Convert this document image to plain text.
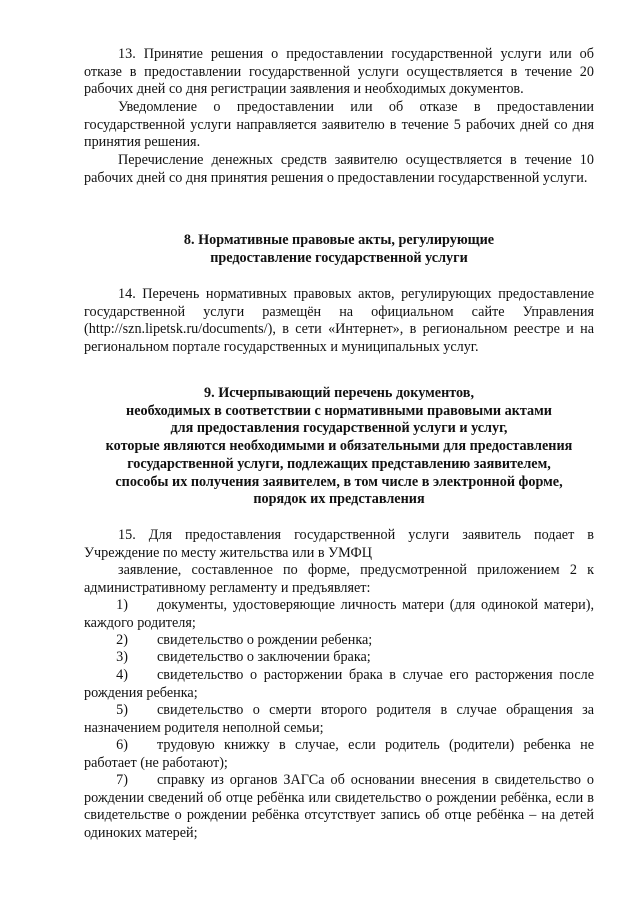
13. Принятие решения о предоставлении государственной услуги или об отказе в предоставлении государственной услуги осуществляется в течение 20 рабочих дней со дня регистрации заявления и необходимых документов.

Уведомление о предоставлении или об отказе в предоставлении государственной услуги направляется заявителю в течение 5 рабочих дней со дня принятия решения.

Перечисление денежных средств заявителю осуществляется в течение 10 рабочих дней со дня принятия решения о предоставлении государственной услуги.

8. Нормативные правовые акты, регулирующие
предоставление государственной услуги

14. Перечень нормативных правовых актов, регулирующих предоставление государственной услуги размещён на официальном сайте Управления (http://szn.lipetsk.ru/documents/), в сети «Интернет», в региональном реестре и на региональном портале государственных и муниципальных услуг.

9. Исчерпывающий перечень документов,
необходимых в соответствии с нормативными правовыми актами
для предоставления государственной услуги и услуг,
которые являются необходимыми и обязательными для предоставления
государственной услуги, подлежащих представлению заявителем,
способы их получения заявителем, в том числе в электронной форме,
порядок их представления

15. Для предоставления государственной услуги заявитель подает в Учреждение по месту жительства или в УМФЦ

заявление, составленное по форме, предусмотренной приложением 2 к административному регламенту и предъявляет:

1) документы, удостоверяющие личность матери (для одинокой матери), каждого родителя;

2) свидетельство о рождении ребенка;

3) свидетельство о заключении брака;

4) свидетельство о расторжении брака в случае его расторжения после рождения ребенка;

5) свидетельство о смерти второго родителя в случае обращения за назначением родителя неполной семьи;

6) трудовую книжку в случае, если родитель (родители) ребенка не работает (не работают);

7) справку из органов ЗАГСа об основании внесения в свидетельство о рождении сведений об отце ребёнка или свидетельство о рождении ребёнка, если в свидетельстве о рождении ребёнка отсутствует запись об отце ребёнка – на детей одиноких матерей;
